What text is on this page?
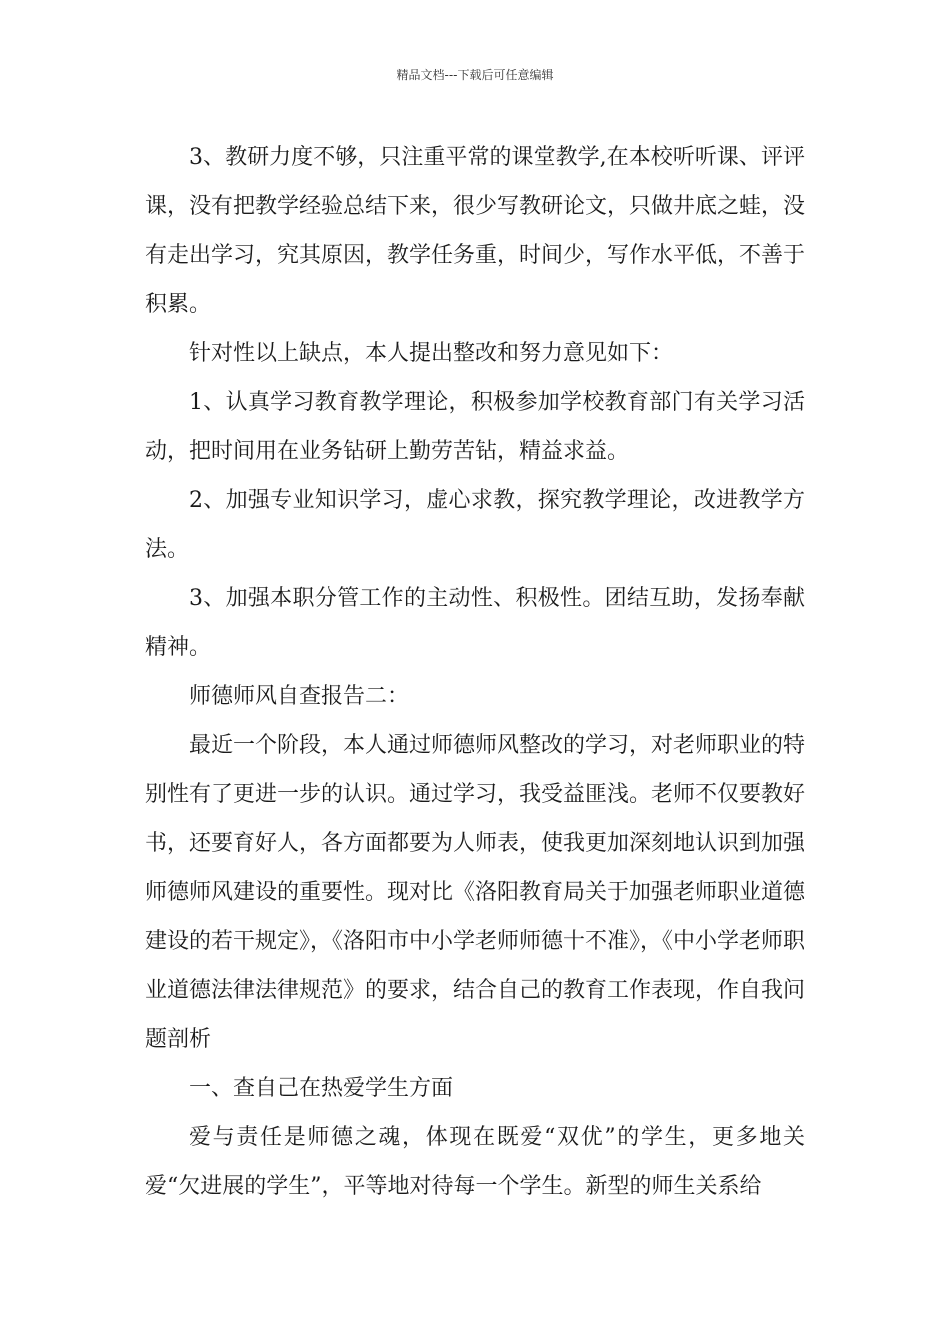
精品文档---下载后可任意编辑

3、教研力度不够，只注重平常的课堂教学,在本校听听课、评评课，没有把教学经验总结下来，很少写教研论文，只做井底之蛙，没有走出学习，究其原因，教学任务重，时间少，写作水平低，不善于积累。

针对性以上缺点，本人提出整改和努力意见如下：

1、认真学习教育教学理论，积极参加学校教育部门有关学习活动，把时间用在业务钻研上勤劳苦钻，精益求益。

2、加强专业知识学习，虚心求教，探究教学理论，改进教学方法。

3、加强本职分管工作的主动性、积极性。团结互助，发扬奉献精神。

师德师风自查报告二：

最近一个阶段，本人通过师德师风整改的学习，对老师职业的特别性有了更进一步的认识。通过学习，我受益匪浅。老师不仅要教好书，还要育好人，各方面都要为人师表，使我更加深刻地认识到加强师德师风建设的重要性。现对比《洛阳教育局关于加强老师职业道德建设的若干规定》，《洛阳市中小学老师师德十不准》，《中小学老师职业道德法律法律规范》的要求，结合自己的教育工作表现，作自我问题剖析

一、查自己在热爱学生方面

爱与责任是师德之魂，体现在既爱“双优”的学生，更多地关爱“欠进展的学生”，平等地对待每一个学生。新型的师生关系给
